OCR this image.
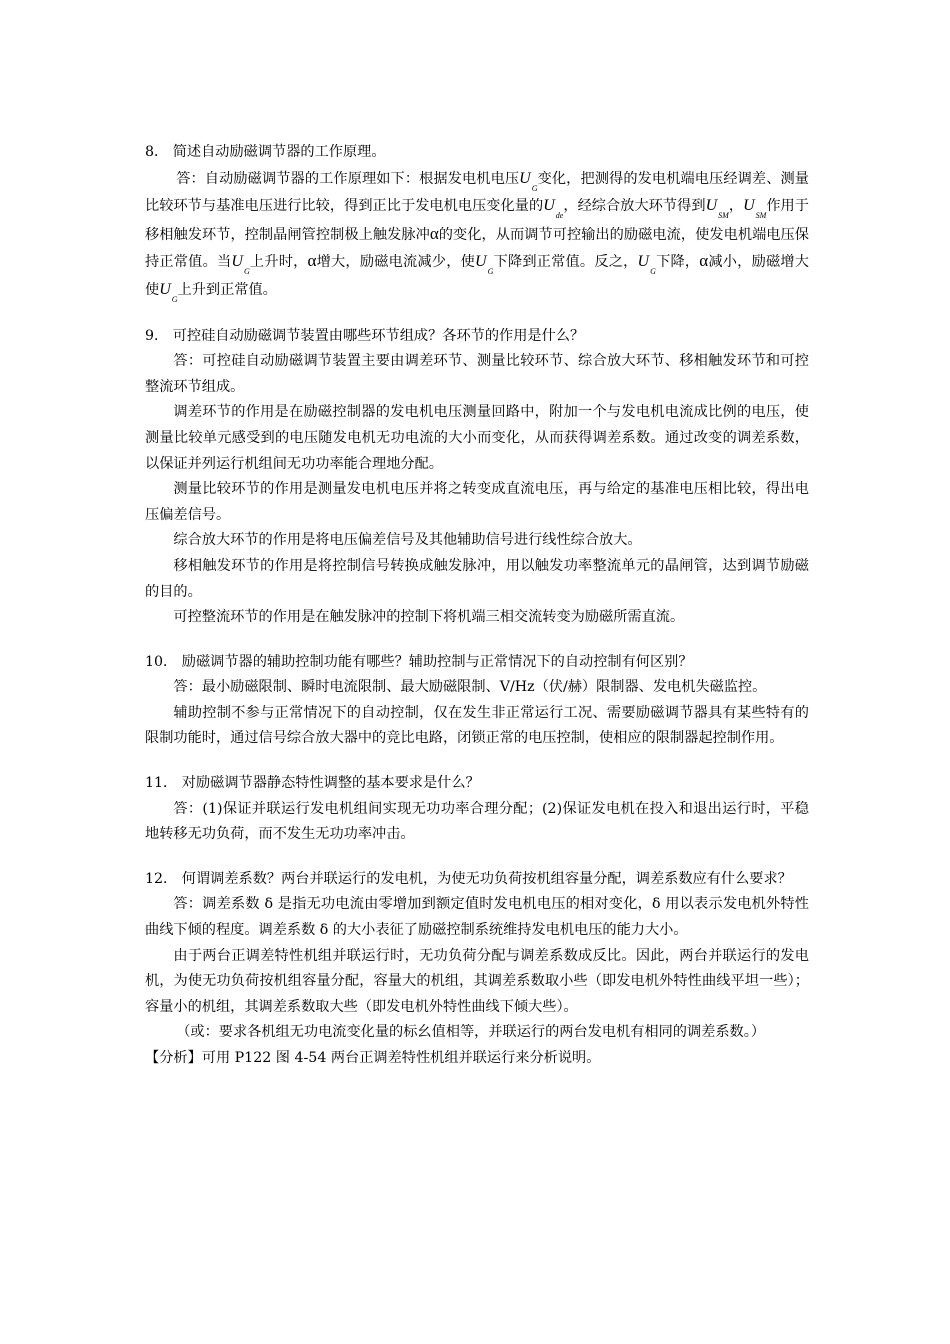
8． 简述自动励磁调节器的工作原理。

答：自动励磁调节器的工作原理如下：根据发电机电压$U_G$变化，把测得的发电机端电压经调差、测量比较环节与基准电压进行比较，得到正比于发电机电压变化量的$U_{de}$，经综合放大环节得到$U_{SM}$，$U_{SM}$作用于移相触发环节，控制晶闸管控制极上触发脉冲α的变化，从而调节可控输出的励磁电流，使发电机端电压保持正常值。当$U_G$上升时，α增大，励磁电流减少，使$U_G$下降到正常值。反之，$U_G$下降，α减小，励磁增大使$U_G$上升到正常值。

9． 可控硅自动励磁调节装置由哪些环节组成？各环节的作用是什么？

答：可控硅自动励磁调节装置主要由调差环节、测量比较环节、综合放大环节、移相触发环节和可控整流环节组成。

调差环节的作用是在励磁控制器的发电机电压测量回路中，附加一个与发电机电流成比例的电压，使测量比较单元感受到的电压随发电机无功电流的大小而变化，从而获得调差系数。通过改变的调差系数，以保证并列运行机组间无功功率能合理地分配。

测量比较环节的作用是测量发电机电压并将之转变成直流电压，再与给定的基准电压相比较，得出电压偏差信号。

综合放大环节的作用是将电压偏差信号及其他辅助信号进行线性综合放大。

移相触发环节的作用是将控制信号转换成触发脉冲，用以触发功率整流单元的晶闸管，达到调节励磁的目的。

可控整流环节的作用是在触发脉冲的控制下将机端三相交流转变为励磁所需直流。

10． 励磁调节器的辅助控制功能有哪些？辅助控制与正常情况下的自动控制有何区别？

答：最小励磁限制、瞬时电流限制、最大励磁限制、V/Hz（伏/赫）限制器、发电机失磁监控。

辅助控制不参与正常情况下的自动控制，仅在发生非正常运行工况、需要励磁调节器具有某些特有的限制功能时，通过信号综合放大器中的竞比电路，闭锁正常的电压控制，使相应的限制器起控制作用。

11． 对励磁调节器静态特性调整的基本要求是什么？

答：(1)保证并联运行发电机组间实现无功功率合理分配；(2)保证发电机在投入和退出运行时，平稳地转移无功负荷，而不发生无功功率冲击。

12． 何谓调差系数？两台并联运行的发电机，为使无功负荷按机组容量分配，调差系数应有什么要求？

答：调差系数 δ 是指无功电流由零增加到额定值时发电机电压的相对变化，δ 用以表示发电机外特性曲线下倾的程度。调差系数 δ 的大小表征了励磁控制系统维持发电机电压的能力大小。

由于两台正调差特性机组并联运行时，无功负荷分配与调差系数成反比。因此，两台并联运行的发电机，为使无功负荷按机组容量分配，容量大的机组，其调差系数取小些（即发电机外特性曲线平坦一些）；容量小的机组，其调差系数取大些（即发电机外特性曲线下倾大些）。

（或：要求各机组无功电流变化量的标幺值相等，并联运行的两台发电机有相同的调差系数。）

【分析】可用 P122 图 4-54 两台正调差特性机组并联运行来分析说明。
